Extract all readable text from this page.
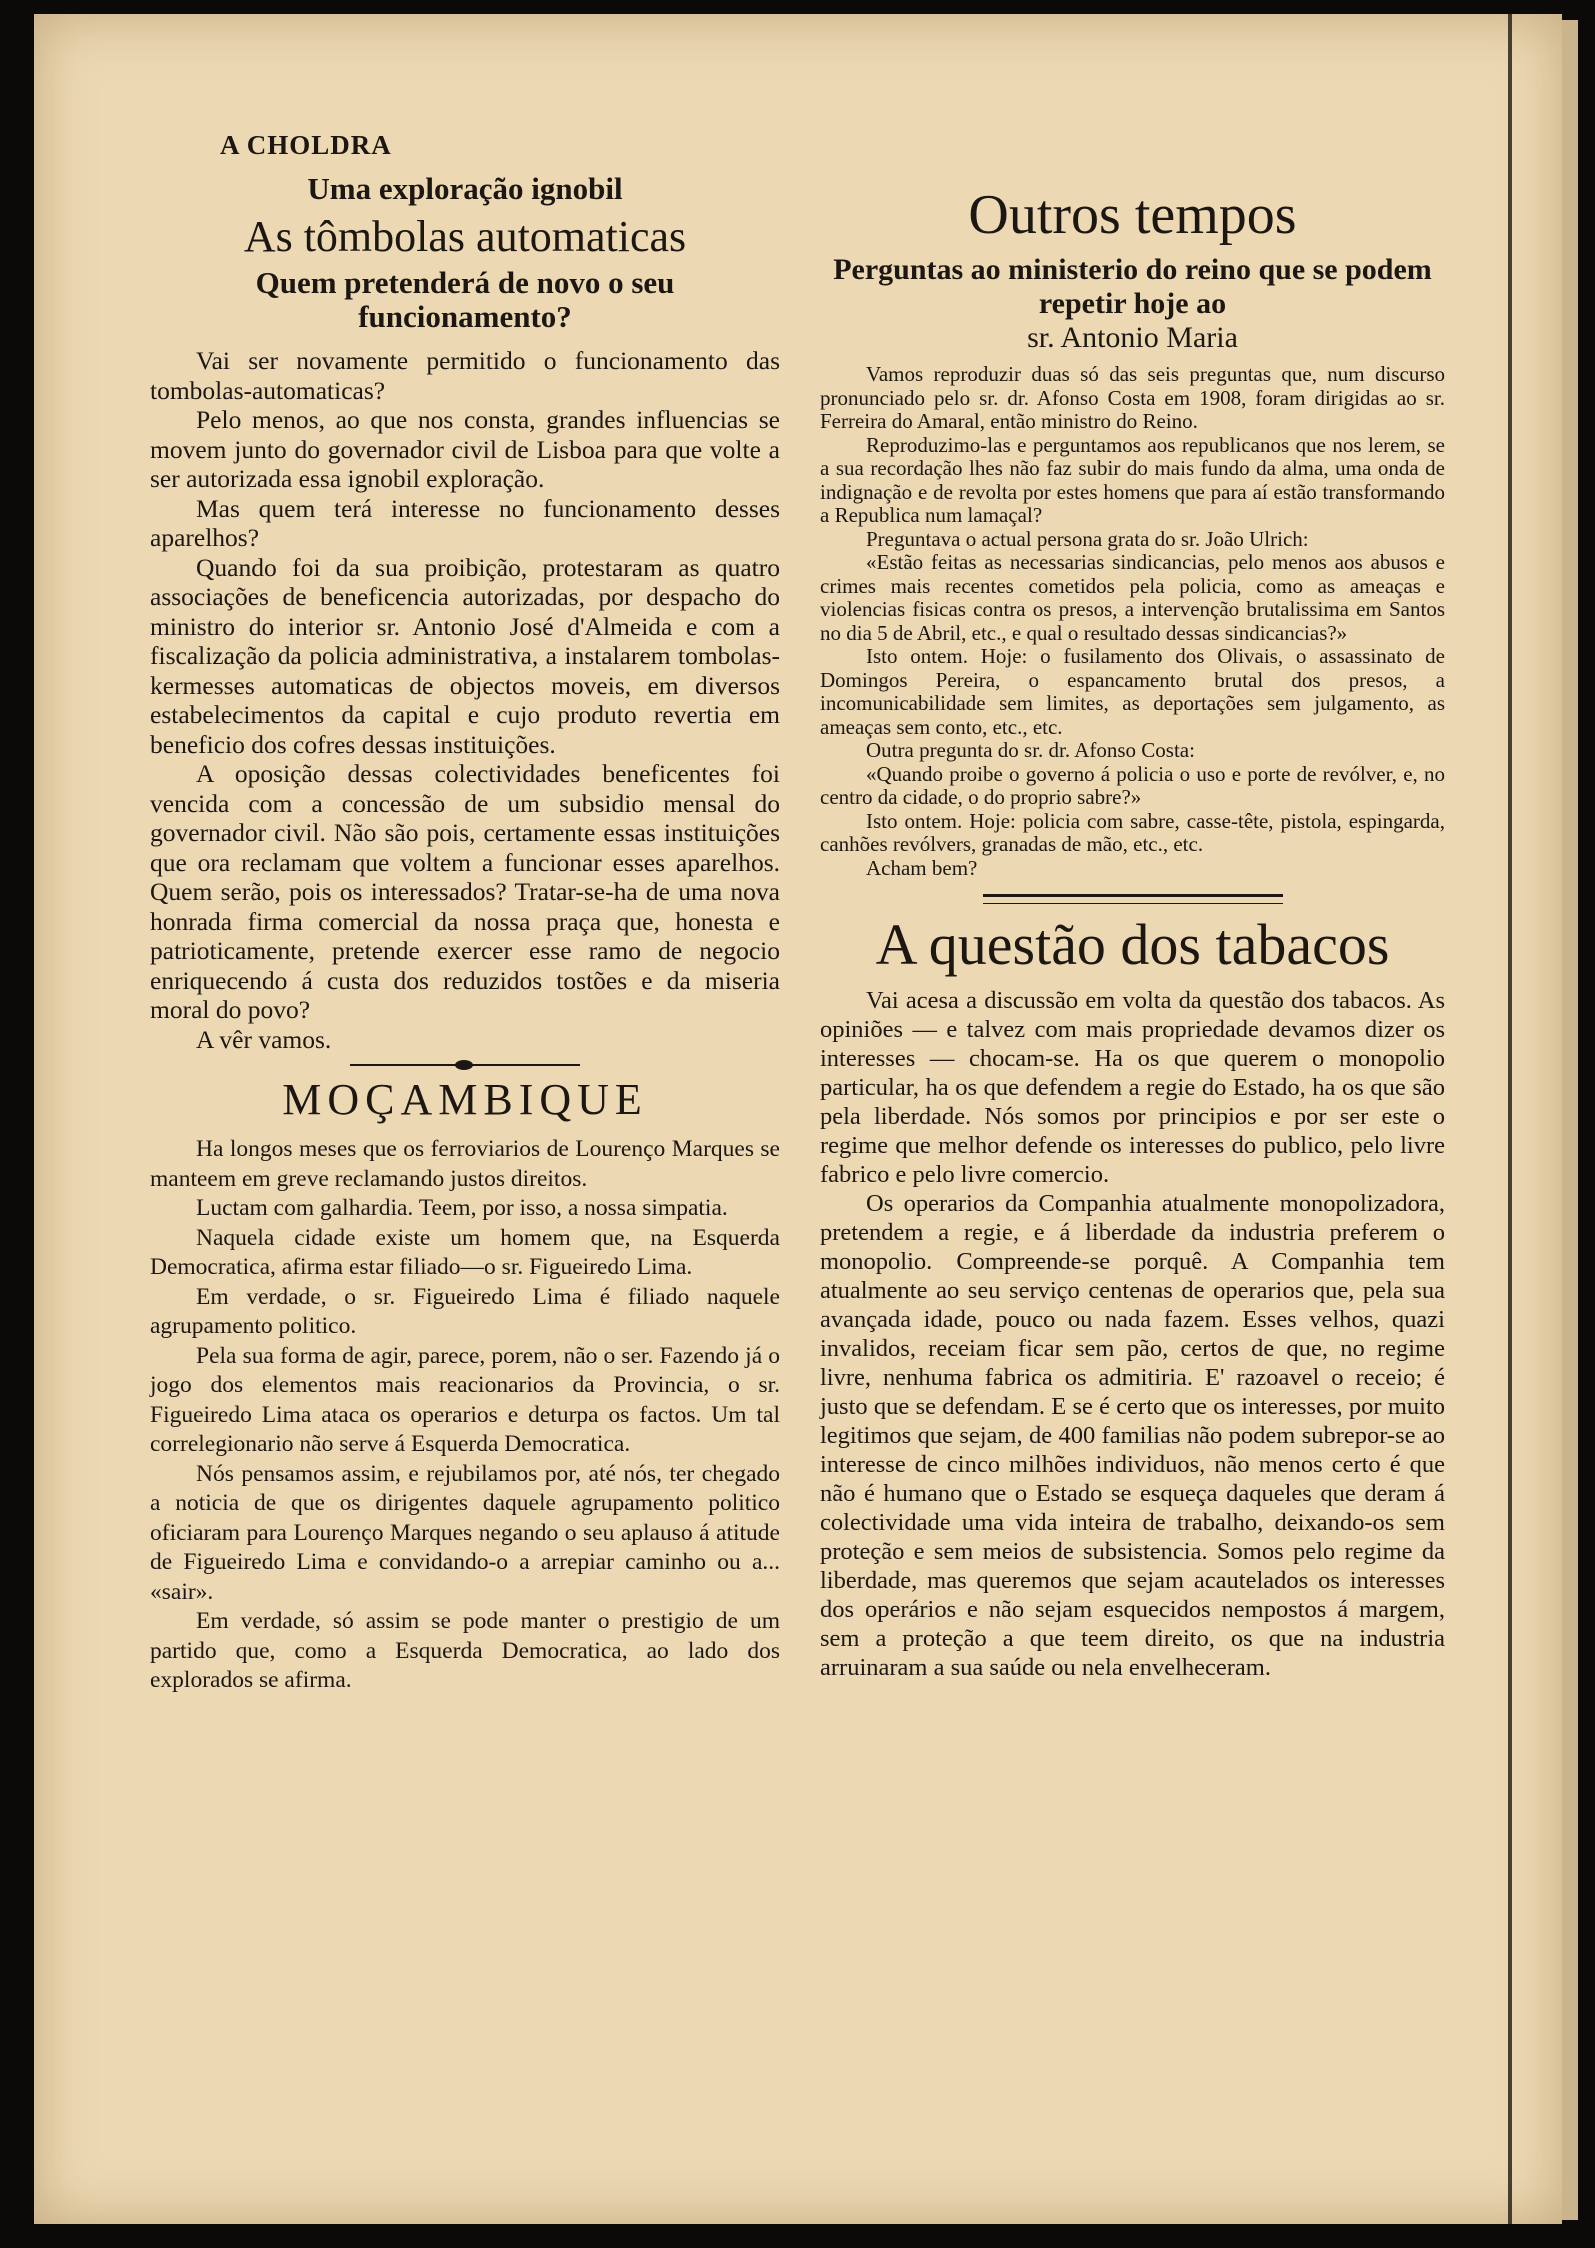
A CHOLDRA
Uma exploração ignobil
As tômbolas automaticas
Quem pretenderá de novo o seu funcionamento?

Vai ser novamente permitido o funcionamento das tombolas-automaticas?

Pelo menos, ao que nos consta, grandes influencias se movem junto do governador civil de Lisboa para que volte a ser autorizada essa ignobil exploração.

Mas quem terá interesse no funcionamento desses aparelhos?

Quando foi da sua proibição, protestaram as quatro associações de beneficencia autorizadas, por despacho do ministro do interior sr. Antonio José d'Almeida e com a fiscalização da policia administrativa, a instalarem tombolas-kermesses automaticas de objectos moveis, em diversos estabelecimentos da capital e cujo produto revertia em beneficio dos cofres dessas instituições.

A oposição dessas colectividades beneficentes foi vencida com a concessão de um subsidio mensal do governador civil. Não são pois, certamente essas instituições que ora reclamam que voltem a funcionar esses aparelhos. Quem serão, pois os interessados? Tratar-se-ha de uma nova honrada firma comercial da nossa praça que, honesta e patrioticamente, pretende exercer esse ramo de negocio enriquecendo á custa dos reduzidos tostões e da miseria moral do povo?

A vêr vamos.

MOÇAMBIQUE

Ha longos meses que os ferroviarios de Lourenço Marques se manteem em greve reclamando justos direitos.

Luctam com galhardia. Teem, por isso, a nossa simpatia.

Naquela cidade existe um homem que, na Esquerda Democratica, afirma estar filiado—o sr. Figueiredo Lima.

Em verdade, o sr. Figueiredo Lima é filiado naquele agrupamento politico.

Pela sua forma de agir, parece, porem, não o ser. Fazendo já o jogo dos elementos mais reacionarios da Provincia, o sr. Figueiredo Lima ataca os operarios e deturpa os factos. Um tal correlegionario não serve á Esquerda Democratica.

Nós pensamos assim, e rejubilamos por, até nós, ter chegado a noticia de que os dirigentes daquele agrupamento politico oficiaram para Lourenço Marques negando o seu aplauso á atitude de Figueiredo Lima e convidando-o a arrepiar caminho ou a... «sair».

Em verdade, só assim se pode manter o prestigio de um partido que, como a Esquerda Democratica, ao lado dos explorados se afirma.

Outros tempos
Perguntas ao ministerio do reino que se podem repetir hoje ao
sr. Antonio Maria

Vamos reproduzir duas só das seis preguntas que, num discurso pronunciado pelo sr. dr. Afonso Costa em 1908, foram dirigidas ao sr. Ferreira do Amaral, então ministro do Reino.

Reproduzimo-las e perguntamos aos republicanos que nos lerem, se a sua recordação lhes não faz subir do mais fundo da alma, uma onda de indignação e de revolta por estes homens que para aí estão transformando a Republica num lamaçal?

Preguntava o actual persona grata do sr. João Ulrich:

«Estão feitas as necessarias sindicancias, pelo menos aos abusos e crimes mais recentes cometidos pela policia, como as ameaças e violencias fisicas contra os presos, a intervenção brutalissima em Santos no dia 5 de Abril, etc., e qual o resultado dessas sindicancias?»

Isto ontem. Hoje: o fusilamento dos Olivais, o assassinato de Domingos Pereira, o espancamento brutal dos presos, a incomunicabilidade sem limites, as deportações sem julgamento, as ameaças sem conto, etc., etc.

Outra pregunta do sr. dr. Afonso Costa:

«Quando proibe o governo á policia o uso e porte de revólver, e, no centro da cidade, o do proprio sabre?»

Isto ontem. Hoje: policia com sabre, casse-tête, pistola, espingarda, canhões revólvers, granadas de mão, etc., etc.

Acham bem?

A questão dos tabacos

Vai acesa a discussão em volta da questão dos tabacos. As opiniões — e talvez com mais propriedade devamos dizer os interesses — chocam-se. Ha os que querem o monopolio particular, ha os que defendem a regie do Estado, ha os que são pela liberdade. Nós somos por principios e por ser este o regime que melhor defende os interesses do publico, pelo livre fabrico e pelo livre comercio.

Os operarios da Companhia atualmente monopolizadora, pretendem a regie, e á liberdade da industria preferem o monopolio. Compreende-se porquê. A Companhia tem atualmente ao seu serviço centenas de operarios que, pela sua avançada idade, pouco ou nada fazem. Esses velhos, quazi invalidos, receiam ficar sem pão, certos de que, no regime livre, nenhuma fabrica os admitiria. E' razoavel o receio; é justo que se defendam. E se é certo que os interesses, por muito legitimos que sejam, de 400 familias não podem subrepor-se ao interesse de cinco milhões individuos, não menos certo é que não é humano que o Estado se esqueça daqueles que deram á colectividade uma vida inteira de trabalho, deixando-os sem proteção e sem meios de subsistencia. Somos pelo regime da liberdade, mas queremos que sejam acautelados os interesses dos operários e não sejam esquecidos nempostos á margem, sem a proteção a que teem direito, os que na industria arruinaram a sua saúde ou nela envelheceram.
